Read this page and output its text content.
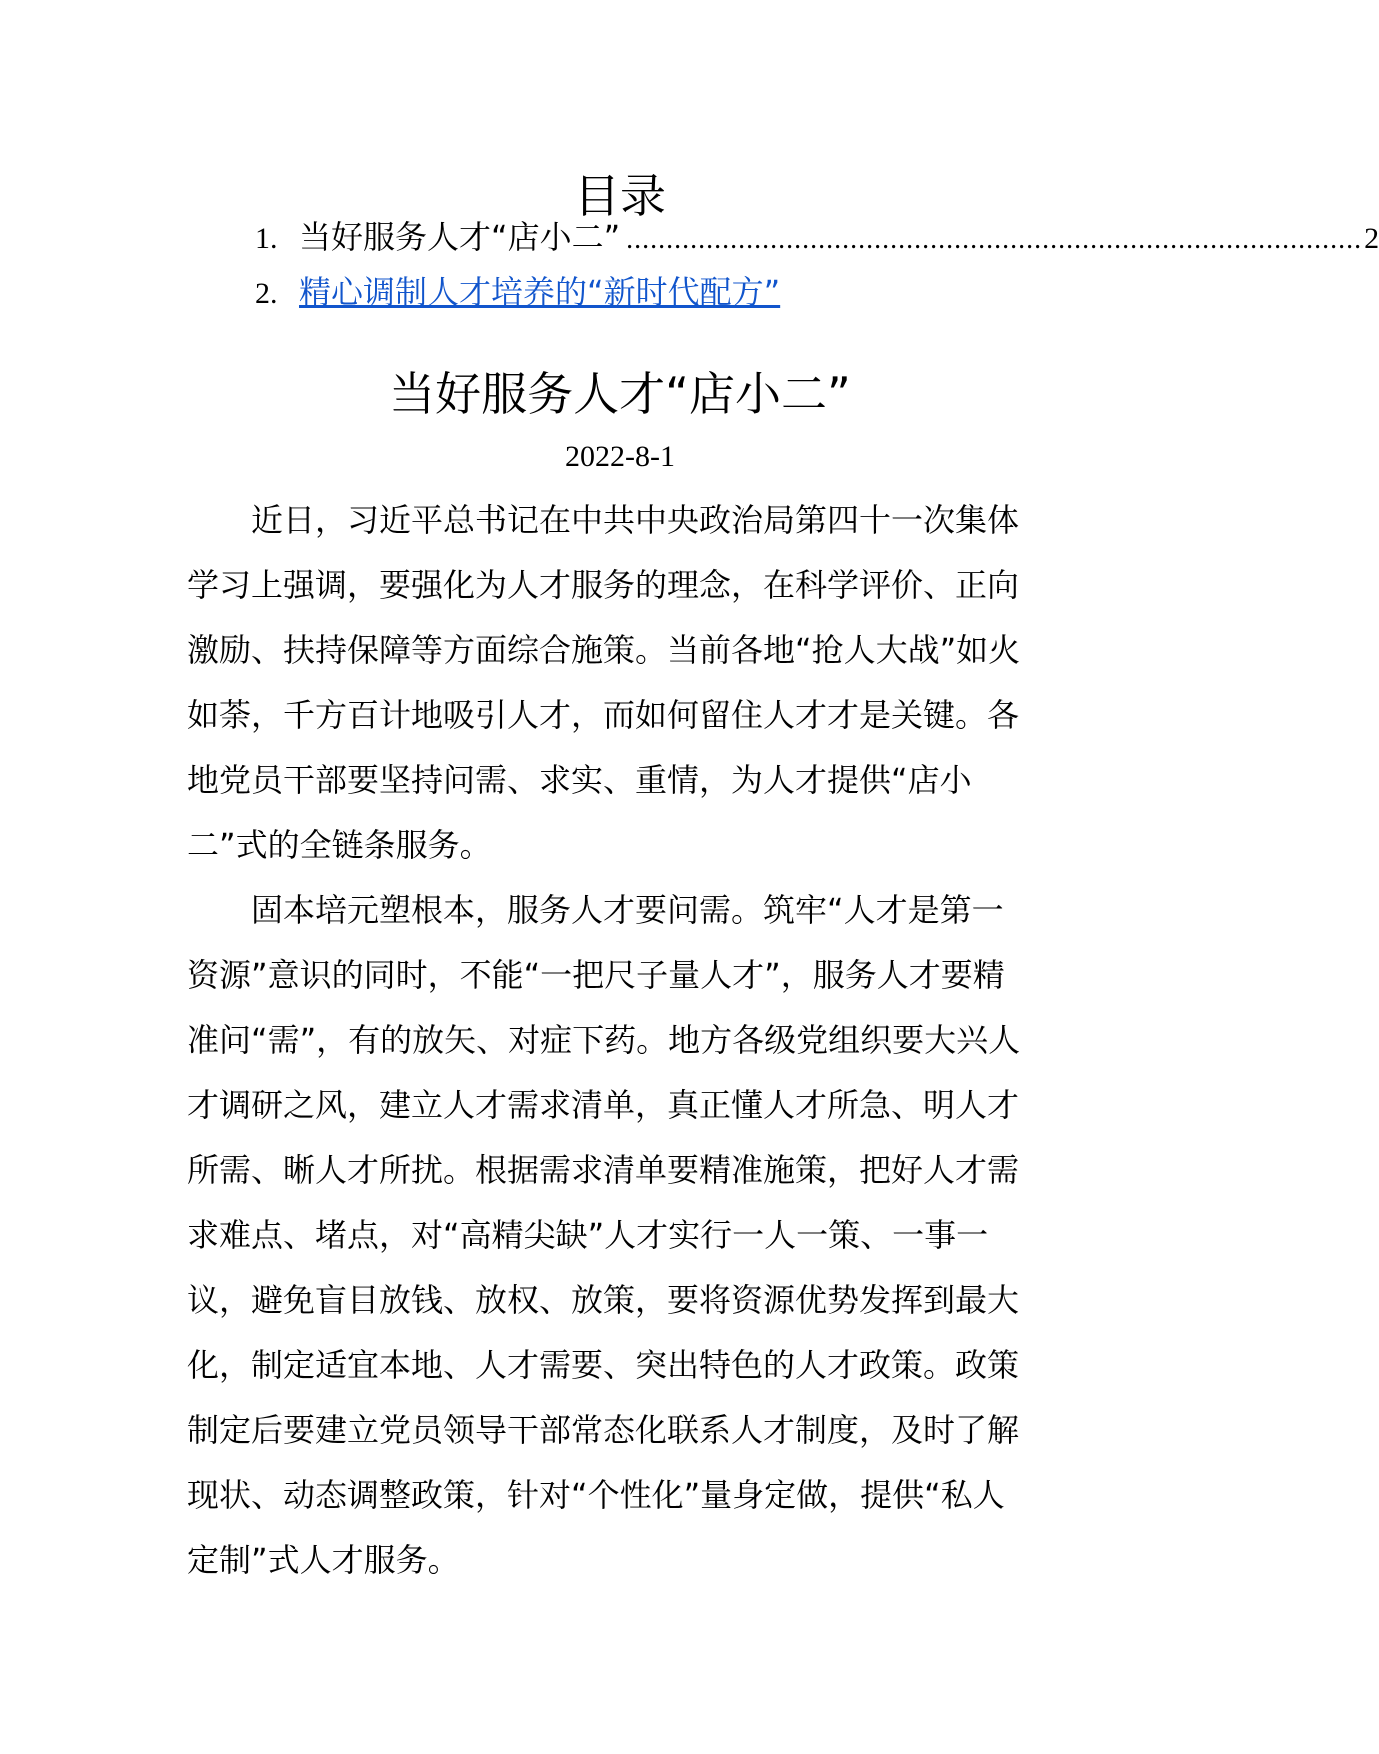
目录
1. 当好服务人才“店小二” ............................................................................................ 2
2. 精心调制人才培养的“新时代配方”
当好服务人才“店小二”
2022-8-1

近日，习近平总书记在中共中央政治局第四十一次集体学习上强调，要强化为人才服务的理念，在科学评价、正向激励、扶持保障等方面综合施策。当前各地“抢人大战”如火如荼，千方百计地吸引人才，而如何留住人才才是关键。各地党员干部要坚持问需、求实、重情，为人才提供“店小二”式的全链条服务。

固本培元塑根本，服务人才要问需。筑牢“人才是第一资源”意识的同时，不能“一把尺子量人才”，服务人才要精准问“需”，有的放矢、对症下药。地方各级党组织要大兴人才调研之风，建立人才需求清单，真正懂人才所急、明人才所需、晰人才所扰。根据需求清单要精准施策，把好人才需求难点、堵点，对“高精尖缺”人才实行一人一策、一事一议，避免盲目放钱、放权、放策，要将资源优势发挥到最大化，制定适宜本地、人才需要、突出特色的人才政策。政策制定后要建立党员领导干部常态化联系人才制度，及时了解现状、动态调整政策，针对“个性化”量身定做，提供“私人定制”式人才服务。
